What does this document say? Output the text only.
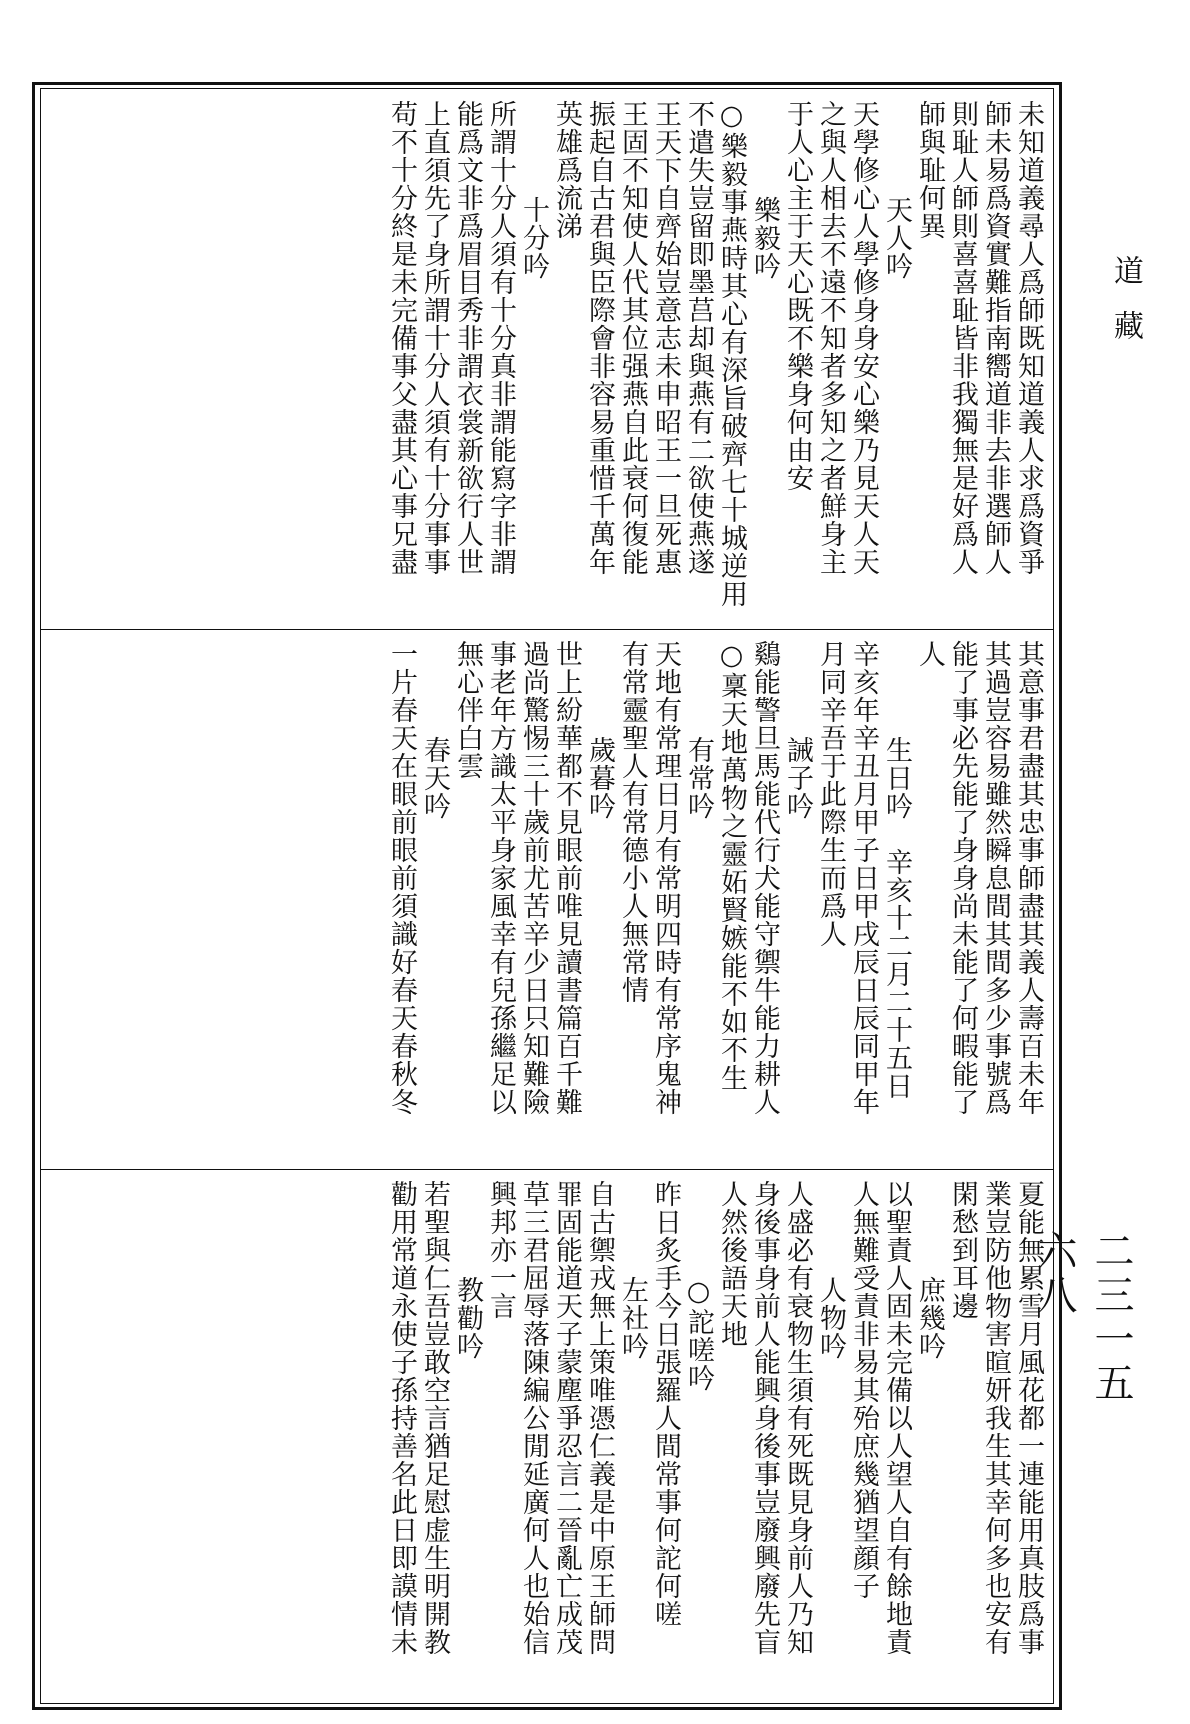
道
藏
二三一五六八
未知道義尋人爲師既知道義人求爲資爭
師未易爲資實難指南嚮道非去非選師人
則耻人師則喜喜耻皆非我獨無是好爲人
師與耻何異
天人吟
天學修心人學修身身安心樂乃見天人天
之與人相去不遠不知者多知之者鮮身主
于人心主于天心既不樂身何由安
樂毅吟
○樂毅事燕時其心有深旨破齊七十城逆用
不遣失豈留即墨莒却與燕有二欲使燕遂
王天下自齊始豈意志未申昭王一旦死惠
王固不知使人代其位强燕自此衰何復能
振起自古君與臣際會非容易重惜千萬年
英雄爲流涕
十分吟
所謂十分人須有十分真非謂能寫字非謂
能爲文非爲眉目秀非謂衣裳新欲行人世
上直須先了身所謂十分人須有十分事事
苟不十分終是未完備事父盡其心事兄盡
其意事君盡其忠事師盡其義人壽百未年
其過豈容易雖然瞬息間其間多少事號爲
能了事必先能了身身尚未能了何暇能了
人
生日吟　辛亥十二月二十五日
辛亥年辛丑月甲子日甲戌辰日辰同甲年
月同辛吾于此際生而爲人
誡子吟
鷄能警旦馬能代行犬能守禦牛能力耕人
○稟天地萬物之靈妬賢嫉能不如不生
有常吟
天地有常理日月有常明四時有常序鬼神
有常靈聖人有常德小人無常情
歲暮吟
世上紛華都不見眼前唯見讀書篇百千難
過尚驚惕三十歲前尤苦辛少日只知難險
事老年方識太平身家風幸有兒孫繼足以
無心伴白雲
春天吟
一片春天在眼前眼前須識好春天春秋冬
夏能無累雪月風花都一連能用真肢爲事
業豈防他物害暄妍我生其幸何多也安有
閑愁到耳邊
庶幾吟
以聖責人固未完備以人望人自有餘地責
人無難受責非易其殆庶幾猶望顔子
人物吟
人盛必有衰物生須有死既見身前人乃知
身後事身前人能興身後事豈廢興廢先盲
人然後語天地
○詑嗟吟
昨日炙手今日張羅人間常事何詑何嗟
左社吟
自古禦戎無上策唯憑仁義是中原王師問
罪固能道天子蒙塵爭忍言二晉亂亡成茂
草三君屈辱落陳編公閒延廣何人也始信
興邦亦一言
教勸吟
若聖與仁吾豈敢空言猶足慰虚生明開教
勸用常道永使子孫持善名此日即謨情未
